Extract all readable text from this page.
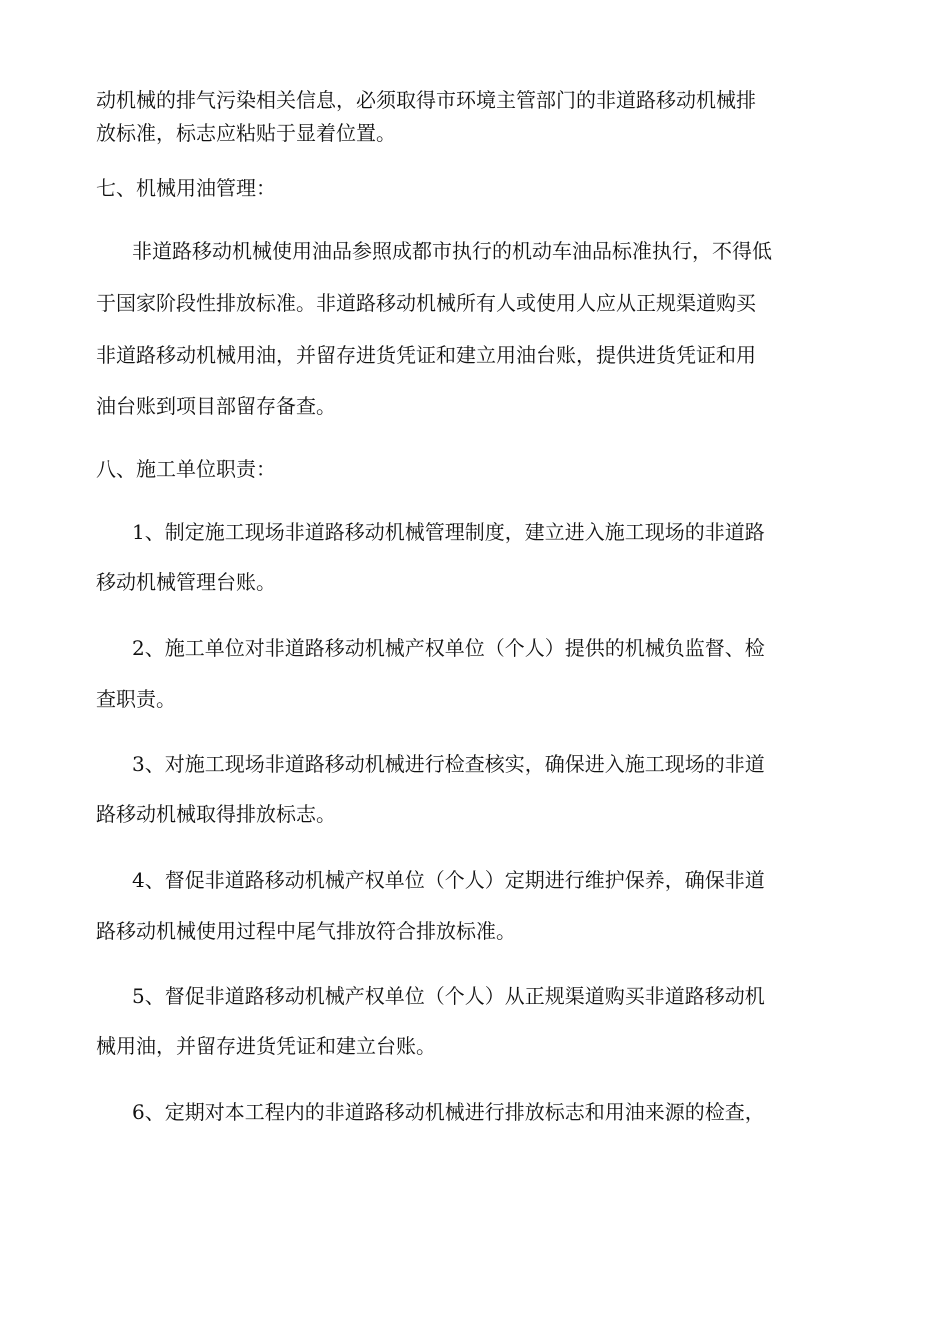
动机械的排气污染相关信息，必须取得市环境主管部门的非道路移动机械排
放标准，标志应粘贴于显着位置。
七、机械用油管理：
非道路移动机械使用油品参照成都市执行的机动车油品标准执行，不得低
于国家阶段性排放标准。非道路移动机械所有人或使用人应从正规渠道购买
非道路移动机械用油，并留存进货凭证和建立用油台账，提供进货凭证和用
油台账到项目部留存备查。
八、施工单位职责：
1、制定施工现场非道路移动机械管理制度，建立进入施工现场的非道路
移动机械管理台账。
2、施工单位对非道路移动机械产权单位（个人）提供的机械负监督、检
查职责。
3、对施工现场非道路移动机械进行检查核实，确保进入施工现场的非道
路移动机械取得排放标志。
4、督促非道路移动机械产权单位（个人）定期进行维护保养，确保非道
路移动机械使用过程中尾气排放符合排放标准。
5、督促非道路移动机械产权单位（个人）从正规渠道购买非道路移动机
械用油，并留存进货凭证和建立台账。
6、定期对本工程内的非道路移动机械进行排放标志和用油来源的检查，
